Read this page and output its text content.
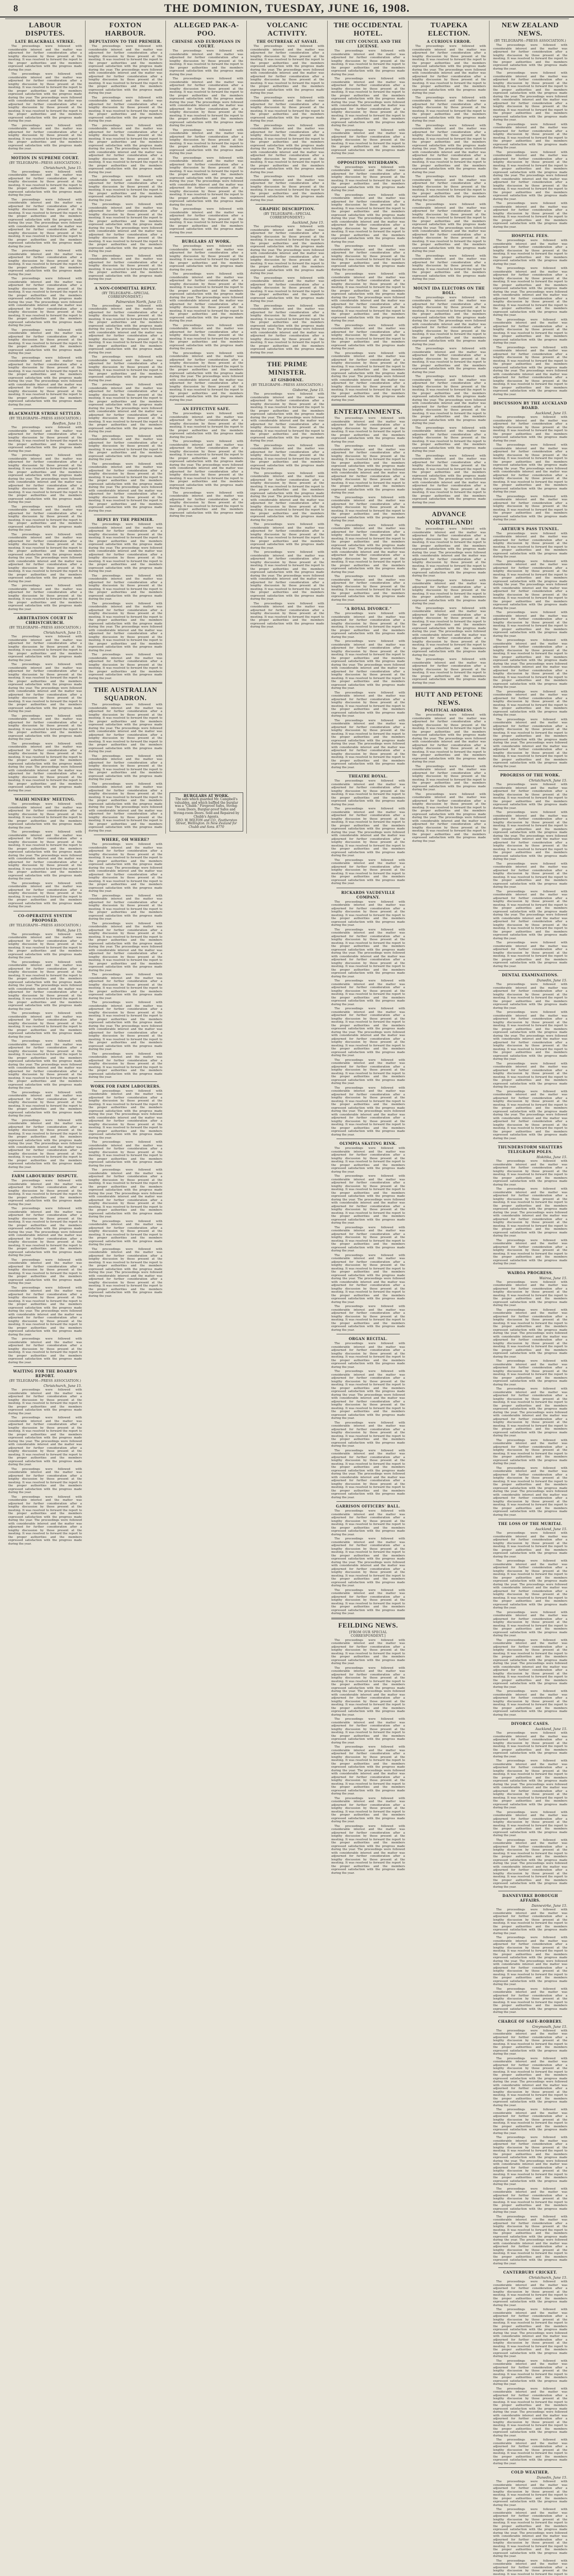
8	THE DOMINION, TUESDAY, JUNE 16, 1908.
LABOUR DISPUTES.
LATE BLACKBALL STRIKE.

The proceedings were followed with considerable interest and the matter was adjourned for further consideration after a lengthy discussion by those present at the meeting. It was resolved to forward the report to the proper authorities and the members expressed satisfaction with the progress made during the year.

The proceedings were followed with considerable interest and the matter was adjourned for further consideration after a lengthy discussion by those present at the meeting. It was resolved to forward the report to the proper authorities and the members expressed satisfaction with the progress made during the year. The proceedings were followed with considerable interest and the matter was adjourned for further consideration after a lengthy discussion by those present at the meeting. It was resolved to forward the report to the proper authorities and the members expressed satisfaction with the progress made during the year.

The proceedings were followed with considerable interest and the matter was adjourned for further consideration after a lengthy discussion by those present at the meeting. It was resolved to forward the report to the proper authorities and the members expressed satisfaction with the progress made during the year.

MOTION IN SUPREME COURT.
(BY TELEGRAPH—PRESS ASSOCIATION.)
Christchurch, June 15.

The proceedings were followed with considerable interest and the matter was adjourned for further consideration after a lengthy discussion by those present at the meeting. It was resolved to forward the report to the proper authorities and the members expressed satisfaction with the progress made during the year.

The proceedings were followed with considerable interest and the matter was adjourned for further consideration after a lengthy discussion by those present at the meeting. It was resolved to forward the report to the proper authorities and the members expressed satisfaction with the progress made during the year. The proceedings were followed with considerable interest and the matter was adjourned for further consideration after a lengthy discussion by those present at the meeting. It was resolved to forward the report to the proper authorities and the members expressed satisfaction with the progress made during the year.

The proceedings were followed with considerable interest and the matter was adjourned for further consideration after a lengthy discussion by those present at the meeting. It was resolved to forward the report to the proper authorities and the members expressed satisfaction with the progress made during the year.

The proceedings were followed with considerable interest and the matter was adjourned for further consideration after a lengthy discussion by those present at the meeting. It was resolved to forward the report to the proper authorities and the members expressed satisfaction with the progress made during the year. The proceedings were followed with considerable interest and the matter was adjourned for further consideration after a lengthy discussion by those present at the meeting. It was resolved to forward the report to the proper authorities and the members expressed satisfaction with the progress made during the year.

The proceedings were followed with considerable interest and the matter was adjourned for further consideration after a lengthy discussion by those present at the meeting. It was resolved to forward the report to the proper authorities and the members expressed satisfaction with the progress made during the year.

The proceedings were followed with considerable interest and the matter was adjourned for further consideration after a lengthy discussion by those present at the meeting. It was resolved to forward the report to the proper authorities and the members expressed satisfaction with the progress made during the year. The proceedings were followed with considerable interest and the matter was adjourned for further consideration after a lengthy discussion by those present at the meeting. It was resolved to forward the report to the proper authorities and the members expressed satisfaction with the progress made during the year.

BLACKWATER STRIKE SETTLED.
(BY TELEGRAPH—PRESS ASSOCIATION.)
Reefton, June 15.

The proceedings were followed with considerable interest and the matter was adjourned for further consideration after a lengthy discussion by those present at the meeting. It was resolved to forward the report to the proper authorities and the members expressed satisfaction with the progress made during the year.

The proceedings were followed with considerable interest and the matter was adjourned for further consideration after a lengthy discussion by those present at the meeting. It was resolved to forward the report to the proper authorities and the members expressed satisfaction with the progress made during the year. The proceedings were followed with considerable interest and the matter was adjourned for further consideration after a lengthy discussion by those present at the meeting. It was resolved to forward the report to the proper authorities and the members expressed satisfaction with the progress made during the year.

The proceedings were followed with considerable interest and the matter was adjourned for further consideration after a lengthy discussion by those present at the meeting. It was resolved to forward the report to the proper authorities and the members expressed satisfaction with the progress made during the year.

The proceedings were followed with considerable interest and the matter was adjourned for further consideration after a lengthy discussion by those present at the meeting. It was resolved to forward the report to the proper authorities and the members expressed satisfaction with the progress made during the year. The proceedings were followed with considerable interest and the matter was adjourned for further consideration after a lengthy discussion by those present at the meeting. It was resolved to forward the report to the proper authorities and the members expressed satisfaction with the progress made during the year.

The proceedings were followed with considerable interest and the matter was adjourned for further consideration after a lengthy discussion by those present at the meeting. It was resolved to forward the report to the proper authorities and the members expressed satisfaction with the progress made during the year.

ARBITRATION COURT IN CHRISTCHURCH.
(BY TELEGRAPH—PRESS ASSOCIATION.)
Christchurch, June 15.

The proceedings were followed with considerable interest and the matter was adjourned for further consideration after a lengthy discussion by those present at the meeting. It was resolved to forward the report to the proper authorities and the members expressed satisfaction with the progress made during the year.

The proceedings were followed with considerable interest and the matter was adjourned for further consideration after a lengthy discussion by those present at the meeting. It was resolved to forward the report to the proper authorities and the members expressed satisfaction with the progress made during the year. The proceedings were followed with considerable interest and the matter was adjourned for further consideration after a lengthy discussion by those present at the meeting. It was resolved to forward the report to the proper authorities and the members expressed satisfaction with the progress made during the year.

The proceedings were followed with considerable interest and the matter was adjourned for further consideration after a lengthy discussion by those present at the meeting. It was resolved to forward the report to the proper authorities and the members expressed satisfaction with the progress made during the year.

The proceedings were followed with considerable interest and the matter was adjourned for further consideration after a lengthy discussion by those present at the meeting. It was resolved to forward the report to the proper authorities and the members expressed satisfaction with the progress made during the year. The proceedings were followed with considerable interest and the matter was adjourned for further consideration after a lengthy discussion by those present at the meeting. It was resolved to forward the report to the proper authorities and the members expressed satisfaction with the progress made during the year.

WAIHI MINERS' MEETING.

The proceedings were followed with considerable interest and the matter was adjourned for further consideration after a lengthy discussion by those present at the meeting. It was resolved to forward the report to the proper authorities and the members expressed satisfaction with the progress made during the year.

The proceedings were followed with considerable interest and the matter was adjourned for further consideration after a lengthy discussion by those present at the meeting. It was resolved to forward the report to the proper authorities and the members expressed satisfaction with the progress made during the year. The proceedings were followed with considerable interest and the matter was adjourned for further consideration after a lengthy discussion by those present at the meeting. It was resolved to forward the report to the proper authorities and the members expressed satisfaction with the progress made during the year.

The proceedings were followed with considerable interest and the matter was adjourned for further consideration after a lengthy discussion by those present at the meeting. It was resolved to forward the report to the proper authorities and the members expressed satisfaction with the progress made during the year.

CO-OPERATIVE SYSTEM PROPOSED.
(BY TELEGRAPH—PRESS ASSOCIATION.)
Waihi, June 15.

The proceedings were followed with considerable interest and the matter was adjourned for further consideration after a lengthy discussion by those present at the meeting. It was resolved to forward the report to the proper authorities and the members expressed satisfaction with the progress made during the year.

The proceedings were followed with considerable interest and the matter was adjourned for further consideration after a lengthy discussion by those present at the meeting. It was resolved to forward the report to the proper authorities and the members expressed satisfaction with the progress made during the year. The proceedings were followed with considerable interest and the matter was adjourned for further consideration after a lengthy discussion by those present at the meeting. It was resolved to forward the report to the proper authorities and the members expressed satisfaction with the progress made during the year.

The proceedings were followed with considerable interest and the matter was adjourned for further consideration after a lengthy discussion by those present at the meeting. It was resolved to forward the report to the proper authorities and the members expressed satisfaction with the progress made during the year.

The proceedings were followed with considerable interest and the matter was adjourned for further consideration after a lengthy discussion by those present at the meeting. It was resolved to forward the report to the proper authorities and the members expressed satisfaction with the progress made during the year. The proceedings were followed with considerable interest and the matter was adjourned for further consideration after a lengthy discussion by those present at the meeting. It was resolved to forward the report to the proper authorities and the members expressed satisfaction with the progress made during the year.

The proceedings were followed with considerable interest and the matter was adjourned for further consideration after a lengthy discussion by those present at the meeting. It was resolved to forward the report to the proper authorities and the members expressed satisfaction with the progress made during the year.

The proceedings were followed with considerable interest and the matter was adjourned for further consideration after a lengthy discussion by those present at the meeting. It was resolved to forward the report to the proper authorities and the members expressed satisfaction with the progress made during the year. The proceedings were followed with considerable interest and the matter was adjourned for further consideration after a lengthy discussion by those present at the meeting. It was resolved to forward the report to the proper authorities and the members expressed satisfaction with the progress made during the year.

FARM LABOURERS' DISPUTE.

The proceedings were followed with considerable interest and the matter was adjourned for further consideration after a lengthy discussion by those present at the meeting. It was resolved to forward the report to the proper authorities and the members expressed satisfaction with the progress made during the year.

The proceedings were followed with considerable interest and the matter was adjourned for further consideration after a lengthy discussion by those present at the meeting. It was resolved to forward the report to the proper authorities and the members expressed satisfaction with the progress made during the year. The proceedings were followed with considerable interest and the matter was adjourned for further consideration after a lengthy discussion by those present at the meeting. It was resolved to forward the report to the proper authorities and the members expressed satisfaction with the progress made during the year.

The proceedings were followed with considerable interest and the matter was adjourned for further consideration after a lengthy discussion by those present at the meeting. It was resolved to forward the report to the proper authorities and the members expressed satisfaction with the progress made during the year.

The proceedings were followed with considerable interest and the matter was adjourned for further consideration after a lengthy discussion by those present at the meeting. It was resolved to forward the report to the proper authorities and the members expressed satisfaction with the progress made during the year. The proceedings were followed with considerable interest and the matter was adjourned for further consideration after a lengthy discussion by those present at the meeting. It was resolved to forward the report to the proper authorities and the members expressed satisfaction with the progress made during the year.

The proceedings were followed with considerable interest and the matter was adjourned for further consideration after a lengthy discussion by those present at the meeting. It was resolved to forward the report to the proper authorities and the members expressed satisfaction with the progress made during the year.

WAITING FOR THE BOARD'S REPORT.
(BY TELEGRAPH—PRESS ASSOCIATION.)
Christchurch, June 15.

The proceedings were followed with considerable interest and the matter was adjourned for further consideration after a lengthy discussion by those present at the meeting. It was resolved to forward the report to the proper authorities and the members expressed satisfaction with the progress made during the year.

The proceedings were followed with considerable interest and the matter was adjourned for further consideration after a lengthy discussion by those present at the meeting. It was resolved to forward the report to the proper authorities and the members expressed satisfaction with the progress made during the year. The proceedings were followed with considerable interest and the matter was adjourned for further consideration after a lengthy discussion by those present at the meeting. It was resolved to forward the report to the proper authorities and the members expressed satisfaction with the progress made during the year.

The proceedings were followed with considerable interest and the matter was adjourned for further consideration after a lengthy discussion by those present at the meeting. It was resolved to forward the report to the proper authorities and the members expressed satisfaction with the progress made during the year.

The proceedings were followed with considerable interest and the matter was adjourned for further consideration after a lengthy discussion by those present at the meeting. It was resolved to forward the report to the proper authorities and the members expressed satisfaction with the progress made during the year. The proceedings were followed with considerable interest and the matter was adjourned for further consideration after a lengthy discussion by those present at the meeting. It was resolved to forward the report to the proper authorities and the members expressed satisfaction with the progress made during the year.

FOXTON HARBOUR.
DEPUTATION TO THE PREMIER.

The proceedings were followed with considerable interest and the matter was adjourned for further consideration after a lengthy discussion by those present at the meeting. It was resolved to forward the report to the proper authorities and the members expressed satisfaction with the progress made during the year. The proceedings were followed with considerable interest and the matter was adjourned for further consideration after a lengthy discussion by those present at the meeting. It was resolved to forward the report to the proper authorities and the members expressed satisfaction with the progress made during the year.

The proceedings were followed with considerable interest and the matter was adjourned for further consideration after a lengthy discussion by those present at the meeting. It was resolved to forward the report to the proper authorities and the members expressed satisfaction with the progress made during the year.

The proceedings were followed with considerable interest and the matter was adjourned for further consideration after a lengthy discussion by those present at the meeting. It was resolved to forward the report to the proper authorities and the members expressed satisfaction with the progress made during the year. The proceedings were followed with considerable interest and the matter was adjourned for further consideration after a lengthy discussion by those present at the meeting. It was resolved to forward the report to the proper authorities and the members expressed satisfaction with the progress made during the year.

The proceedings were followed with considerable interest and the matter was adjourned for further consideration after a lengthy discussion by those present at the meeting. It was resolved to forward the report to the proper authorities and the members expressed satisfaction with the progress made during the year.

The proceedings were followed with considerable interest and the matter was adjourned for further consideration after a lengthy discussion by those present at the meeting. It was resolved to forward the report to the proper authorities and the members expressed satisfaction with the progress made during the year. The proceedings were followed with considerable interest and the matter was adjourned for further consideration after a lengthy discussion by those present at the meeting. It was resolved to forward the report to the proper authorities and the members expressed satisfaction with the progress made during the year.

The proceedings were followed with considerable interest and the matter was adjourned for further consideration after a lengthy discussion by those present at the meeting. It was resolved to forward the report to the proper authorities and the members expressed satisfaction with the progress made during the year.

A NON-COMMITTAL REPLY.
(BY TELEGRAPH—SPECIAL CORRESPONDENT.)
Palmerston North, June 15.

The proceedings were followed with considerable interest and the matter was adjourned for further consideration after a lengthy discussion by those present at the meeting. It was resolved to forward the report to the proper authorities and the members expressed satisfaction with the progress made during the year. The proceedings were followed with considerable interest and the matter was adjourned for further consideration after a lengthy discussion by those present at the meeting. It was resolved to forward the report to the proper authorities and the members expressed satisfaction with the progress made during the year.

The proceedings were followed with considerable interest and the matter was adjourned for further consideration after a lengthy discussion by those present at the meeting. It was resolved to forward the report to the proper authorities and the members expressed satisfaction with the progress made during the year.

The proceedings were followed with considerable interest and the matter was adjourned for further consideration after a lengthy discussion by those present at the meeting. It was resolved to forward the report to the proper authorities and the members expressed satisfaction with the progress made during the year. The proceedings were followed with considerable interest and the matter was adjourned for further consideration after a lengthy discussion by those present at the meeting. It was resolved to forward the report to the proper authorities and the members expressed satisfaction with the progress made during the year.

The proceedings were followed with considerable interest and the matter was adjourned for further consideration after a lengthy discussion by those present at the meeting. It was resolved to forward the report to the proper authorities and the members expressed satisfaction with the progress made during the year.

The proceedings were followed with considerable interest and the matter was adjourned for further consideration after a lengthy discussion by those present at the meeting. It was resolved to forward the report to the proper authorities and the members expressed satisfaction with the progress made during the year. The proceedings were followed with considerable interest and the matter was adjourned for further consideration after a lengthy discussion by those present at the meeting. It was resolved to forward the report to the proper authorities and the members expressed satisfaction with the progress made during the year.

REPLY BY THE PREMIER.

The proceedings were followed with considerable interest and the matter was adjourned for further consideration after a lengthy discussion by those present at the meeting. It was resolved to forward the report to the proper authorities and the members expressed satisfaction with the progress made during the year. The proceedings were followed with considerable interest and the matter was adjourned for further consideration after a lengthy discussion by those present at the meeting. It was resolved to forward the report to the proper authorities and the members expressed satisfaction with the progress made during the year.

The proceedings were followed with considerable interest and the matter was adjourned for further consideration after a lengthy discussion by those present at the meeting. It was resolved to forward the report to the proper authorities and the members expressed satisfaction with the progress made during the year.

The proceedings were followed with considerable interest and the matter was adjourned for further consideration after a lengthy discussion by those present at the meeting. It was resolved to forward the report to the proper authorities and the members expressed satisfaction with the progress made during the year. The proceedings were followed with considerable interest and the matter was adjourned for further consideration after a lengthy discussion by those present at the meeting. It was resolved to forward the report to the proper authorities and the members expressed satisfaction with the progress made during the year.

The proceedings were followed with considerable interest and the matter was adjourned for further consideration after a lengthy discussion by those present at the meeting. It was resolved to forward the report to the proper authorities and the members expressed satisfaction with the progress made during the year.

THE AUSTRALIAN SQUADRON.

The proceedings were followed with considerable interest and the matter was adjourned for further consideration after a lengthy discussion by those present at the meeting. It was resolved to forward the report to the proper authorities and the members expressed satisfaction with the progress made during the year. The proceedings were followed with considerable interest and the matter was adjourned for further consideration after a lengthy discussion by those present at the meeting. It was resolved to forward the report to the proper authorities and the members expressed satisfaction with the progress made during the year.

The proceedings were followed with considerable interest and the matter was adjourned for further consideration after a lengthy discussion by those present at the meeting. It was resolved to forward the report to the proper authorities and the members expressed satisfaction with the progress made during the year.

The proceedings were followed with considerable interest and the matter was adjourned for further consideration after a lengthy discussion by those present at the meeting. It was resolved to forward the report to the proper authorities and the members expressed satisfaction with the progress made during the year. The proceedings were followed with considerable interest and the matter was adjourned for further consideration after a lengthy discussion by those present at the meeting. It was resolved to forward the report to the proper authorities and the members expressed satisfaction with the progress made during the year.

WHERE, OH WHERE?

The proceedings were followed with considerable interest and the matter was adjourned for further consideration after a lengthy discussion by those present at the meeting. It was resolved to forward the report to the proper authorities and the members expressed satisfaction with the progress made during the year. The proceedings were followed with considerable interest and the matter was adjourned for further consideration after a lengthy discussion by those present at the meeting. It was resolved to forward the report to the proper authorities and the members expressed satisfaction with the progress made during the year.

The proceedings were followed with considerable interest and the matter was adjourned for further consideration after a lengthy discussion by those present at the meeting. It was resolved to forward the report to the proper authorities and the members expressed satisfaction with the progress made during the year.

The proceedings were followed with considerable interest and the matter was adjourned for further consideration after a lengthy discussion by those present at the meeting. It was resolved to forward the report to the proper authorities and the members expressed satisfaction with the progress made during the year. The proceedings were followed with considerable interest and the matter was adjourned for further consideration after a lengthy discussion by those present at the meeting. It was resolved to forward the report to the proper authorities and the members expressed satisfaction with the progress made during the year.

The proceedings were followed with considerable interest and the matter was adjourned for further consideration after a lengthy discussion by those present at the meeting. It was resolved to forward the report to the proper authorities and the members expressed satisfaction with the progress made during the year.

The proceedings were followed with considerable interest and the matter was adjourned for further consideration after a lengthy discussion by those present at the meeting. It was resolved to forward the report to the proper authorities and the members expressed satisfaction with the progress made during the year. The proceedings were followed with considerable interest and the matter was adjourned for further consideration after a lengthy discussion by those present at the meeting. It was resolved to forward the report to the proper authorities and the members expressed satisfaction with the progress made during the year.

The proceedings were followed with considerable interest and the matter was adjourned for further consideration after a lengthy discussion by those present at the meeting. It was resolved to forward the report to the proper authorities and the members expressed satisfaction with the progress made during the year.

WORK FOR FARM LABOURERS.

The proceedings were followed with considerable interest and the matter was adjourned for further consideration after a lengthy discussion by those present at the meeting. It was resolved to forward the report to the proper authorities and the members expressed satisfaction with the progress made during the year. The proceedings were followed with considerable interest and the matter was adjourned for further consideration after a lengthy discussion by those present at the meeting. It was resolved to forward the report to the proper authorities and the members expressed satisfaction with the progress made during the year.

The proceedings were followed with considerable interest and the matter was adjourned for further consideration after a lengthy discussion by those present at the meeting. It was resolved to forward the report to the proper authorities and the members expressed satisfaction with the progress made during the year.

The proceedings were followed with considerable interest and the matter was adjourned for further consideration after a lengthy discussion by those present at the meeting. It was resolved to forward the report to the proper authorities and the members expressed satisfaction with the progress made during the year. The proceedings were followed with considerable interest and the matter was adjourned for further consideration after a lengthy discussion by those present at the meeting. It was resolved to forward the report to the proper authorities and the members expressed satisfaction with the progress made during the year.

The proceedings were followed with considerable interest and the matter was adjourned for further consideration after a lengthy discussion by those present at the meeting. It was resolved to forward the report to the proper authorities and the members expressed satisfaction with the progress made during the year.

The proceedings were followed with considerable interest and the matter was adjourned for further consideration after a lengthy discussion by those present at the meeting. It was resolved to forward the report to the proper authorities and the members expressed satisfaction with the progress made during the year. The proceedings were followed with considerable interest and the matter was adjourned for further consideration after a lengthy discussion by those present at the meeting. It was resolved to forward the report to the proper authorities and the members expressed satisfaction with the progress made during the year.

ALLEGED PAK-A-POO.
CHINESE AND EUROPEANS IN COURT.

The proceedings were followed with considerable interest and the matter was adjourned for further consideration after a lengthy discussion by those present at the meeting. It was resolved to forward the report to the proper authorities and the members expressed satisfaction with the progress made during the year.

The proceedings were followed with considerable interest and the matter was adjourned for further consideration after a lengthy discussion by those present at the meeting. It was resolved to forward the report to the proper authorities and the members expressed satisfaction with the progress made during the year. The proceedings were followed with considerable interest and the matter was adjourned for further consideration after a lengthy discussion by those present at the meeting. It was resolved to forward the report to the proper authorities and the members expressed satisfaction with the progress made during the year.

The proceedings were followed with considerable interest and the matter was adjourned for further consideration after a lengthy discussion by those present at the meeting. It was resolved to forward the report to the proper authorities and the members expressed satisfaction with the progress made during the year.

The proceedings were followed with considerable interest and the matter was adjourned for further consideration after a lengthy discussion by those present at the meeting. It was resolved to forward the report to the proper authorities and the members expressed satisfaction with the progress made during the year. The proceedings were followed with considerable interest and the matter was adjourned for further consideration after a lengthy discussion by those present at the meeting. It was resolved to forward the report to the proper authorities and the members expressed satisfaction with the progress made during the year.

The proceedings were followed with considerable interest and the matter was adjourned for further consideration after a lengthy discussion by those present at the meeting. It was resolved to forward the report to the proper authorities and the members expressed satisfaction with the progress made during the year.

BURGLARS AT WORK.

The proceedings were followed with considerable interest and the matter was adjourned for further consideration after a lengthy discussion by those present at the meeting. It was resolved to forward the report to the proper authorities and the members expressed satisfaction with the progress made during the year.

The proceedings were followed with considerable interest and the matter was adjourned for further consideration after a lengthy discussion by those present at the meeting. It was resolved to forward the report to the proper authorities and the members expressed satisfaction with the progress made during the year. The proceedings were followed with considerable interest and the matter was adjourned for further consideration after a lengthy discussion by those present at the meeting. It was resolved to forward the report to the proper authorities and the members expressed satisfaction with the progress made during the year.

The proceedings were followed with considerable interest and the matter was adjourned for further consideration after a lengthy discussion by those present at the meeting. It was resolved to forward the report to the proper authorities and the members expressed satisfaction with the progress made during the year.

The proceedings were followed with considerable interest and the matter was adjourned for further consideration after a lengthy discussion by those present at the meeting. It was resolved to forward the report to the proper authorities and the members expressed satisfaction with the progress made during the year. The proceedings were followed with considerable interest and the matter was adjourned for further consideration after a lengthy discussion by those present at the meeting. It was resolved to forward the report to the proper authorities and the members expressed satisfaction with the progress made during the year.

AN EFFECTIVE SAFE.

The proceedings were followed with considerable interest and the matter was adjourned for further consideration after a lengthy discussion by those present at the meeting. It was resolved to forward the report to the proper authorities and the members expressed satisfaction with the progress made during the year.

The proceedings were followed with considerable interest and the matter was adjourned for further consideration after a lengthy discussion by those present at the meeting. It was resolved to forward the report to the proper authorities and the members expressed satisfaction with the progress made during the year. The proceedings were followed with considerable interest and the matter was adjourned for further consideration after a lengthy discussion by those present at the meeting. It was resolved to forward the report to the proper authorities and the members expressed satisfaction with the progress made during the year.

The proceedings were followed with considerable interest and the matter was adjourned for further consideration after a lengthy discussion by those present at the meeting. It was resolved to forward the report to the proper authorities and the members expressed satisfaction with the progress made during the year.

BURGLARS AT WORK.
The safe which guarded Mr. Campbell's valuables, and which baffled the burglar was a "Chubb." Fireproof Safes, Strong-room Doors, Burglar-proof Safes and Strong-room Doors. Sold and Repaired by Chubb's Agents.
GEO. W. WILTON and CO., Featherston Street, Wellington. In New Zealand for Chubb and Sons. 8770
VOLCANIC ACTIVITY.
THE OUTBREAK AT SAVAII.

The proceedings were followed with considerable interest and the matter was adjourned for further consideration after a lengthy discussion by those present at the meeting. It was resolved to forward the report to the proper authorities and the members expressed satisfaction with the progress made during the year. The proceedings were followed with considerable interest and the matter was adjourned for further consideration after a lengthy discussion by those present at the meeting. It was resolved to forward the report to the proper authorities and the members expressed satisfaction with the progress made during the year.

The proceedings were followed with considerable interest and the matter was adjourned for further consideration after a lengthy discussion by those present at the meeting. It was resolved to forward the report to the proper authorities and the members expressed satisfaction with the progress made during the year.

The proceedings were followed with considerable interest and the matter was adjourned for further consideration after a lengthy discussion by those present at the meeting. It was resolved to forward the report to the proper authorities and the members expressed satisfaction with the progress made during the year. The proceedings were followed with considerable interest and the matter was adjourned for further consideration after a lengthy discussion by those present at the meeting. It was resolved to forward the report to the proper authorities and the members expressed satisfaction with the progress made during the year.

The proceedings were followed with considerable interest and the matter was adjourned for further consideration after a lengthy discussion by those present at the meeting. It was resolved to forward the report to the proper authorities and the members expressed satisfaction with the progress made during the year.

GRAPHIC DESCRIPTION.
(BY TELEGRAPH—SPECIAL CORRESPONDENT.)
Auckland, June 15.

The proceedings were followed with considerable interest and the matter was adjourned for further consideration after a lengthy discussion by those present at the meeting. It was resolved to forward the report to the proper authorities and the members expressed satisfaction with the progress made during the year. The proceedings were followed with considerable interest and the matter was adjourned for further consideration after a lengthy discussion by those present at the meeting. It was resolved to forward the report to the proper authorities and the members expressed satisfaction with the progress made during the year.

The proceedings were followed with considerable interest and the matter was adjourned for further consideration after a lengthy discussion by those present at the meeting. It was resolved to forward the report to the proper authorities and the members expressed satisfaction with the progress made during the year.

The proceedings were followed with considerable interest and the matter was adjourned for further consideration after a lengthy discussion by those present at the meeting. It was resolved to forward the report to the proper authorities and the members expressed satisfaction with the progress made during the year. The proceedings were followed with considerable interest and the matter was adjourned for further consideration after a lengthy discussion by those present at the meeting. It was resolved to forward the report to the proper authorities and the members expressed satisfaction with the progress made during the year.

THE PRIME MINISTER.
AT GISBORNE.
(BY TELEGRAPH—PRESS ASSOCIATION.)
Gisborne, June 15.

The proceedings were followed with considerable interest and the matter was adjourned for further consideration after a lengthy discussion by those present at the meeting. It was resolved to forward the report to the proper authorities and the members expressed satisfaction with the progress made during the year. The proceedings were followed with considerable interest and the matter was adjourned for further consideration after a lengthy discussion by those present at the meeting. It was resolved to forward the report to the proper authorities and the members expressed satisfaction with the progress made during the year.

The proceedings were followed with considerable interest and the matter was adjourned for further consideration after a lengthy discussion by those present at the meeting. It was resolved to forward the report to the proper authorities and the members expressed satisfaction with the progress made during the year.

The proceedings were followed with considerable interest and the matter was adjourned for further consideration after a lengthy discussion by those present at the meeting. It was resolved to forward the report to the proper authorities and the members expressed satisfaction with the progress made during the year. The proceedings were followed with considerable interest and the matter was adjourned for further consideration after a lengthy discussion by those present at the meeting. It was resolved to forward the report to the proper authorities and the members expressed satisfaction with the progress made during the year.

The proceedings were followed with considerable interest and the matter was adjourned for further consideration after a lengthy discussion by those present at the meeting. It was resolved to forward the report to the proper authorities and the members expressed satisfaction with the progress made during the year.

The proceedings were followed with considerable interest and the matter was adjourned for further consideration after a lengthy discussion by those present at the meeting. It was resolved to forward the report to the proper authorities and the members expressed satisfaction with the progress made during the year. The proceedings were followed with considerable interest and the matter was adjourned for further consideration after a lengthy discussion by those present at the meeting. It was resolved to forward the report to the proper authorities and the members expressed satisfaction with the progress made during the year.

The proceedings were followed with considerable interest and the matter was adjourned for further consideration after a lengthy discussion by those present at the meeting. It was resolved to forward the report to the proper authorities and the members expressed satisfaction with the progress made during the year.

THE OCCIDENTAL HOTEL.
THE CITY COUNCIL AND THE LICENSE.

The proceedings were followed with considerable interest and the matter was adjourned for further consideration after a lengthy discussion by those present at the meeting. It was resolved to forward the report to the proper authorities and the members expressed satisfaction with the progress made during the year.

The proceedings were followed with considerable interest and the matter was adjourned for further consideration after a lengthy discussion by those present at the meeting. It was resolved to forward the report to the proper authorities and the members expressed satisfaction with the progress made during the year. The proceedings were followed with considerable interest and the matter was adjourned for further consideration after a lengthy discussion by those present at the meeting. It was resolved to forward the report to the proper authorities and the members expressed satisfaction with the progress made during the year.

The proceedings were followed with considerable interest and the matter was adjourned for further consideration after a lengthy discussion by those present at the meeting. It was resolved to forward the report to the proper authorities and the members expressed satisfaction with the progress made during the year.

OPPOSITION WITHDRAWN.

The proceedings were followed with considerable interest and the matter was adjourned for further consideration after a lengthy discussion by those present at the meeting. It was resolved to forward the report to the proper authorities and the members expressed satisfaction with the progress made during the year.

The proceedings were followed with considerable interest and the matter was adjourned for further consideration after a lengthy discussion by those present at the meeting. It was resolved to forward the report to the proper authorities and the members expressed satisfaction with the progress made during the year. The proceedings were followed with considerable interest and the matter was adjourned for further consideration after a lengthy discussion by those present at the meeting. It was resolved to forward the report to the proper authorities and the members expressed satisfaction with the progress made during the year.

The proceedings were followed with considerable interest and the matter was adjourned for further consideration after a lengthy discussion by those present at the meeting. It was resolved to forward the report to the proper authorities and the members expressed satisfaction with the progress made during the year.

The proceedings were followed with considerable interest and the matter was adjourned for further consideration after a lengthy discussion by those present at the meeting. It was resolved to forward the report to the proper authorities and the members expressed satisfaction with the progress made during the year. The proceedings were followed with considerable interest and the matter was adjourned for further consideration after a lengthy discussion by those present at the meeting. It was resolved to forward the report to the proper authorities and the members expressed satisfaction with the progress made during the year.

The proceedings were followed with considerable interest and the matter was adjourned for further consideration after a lengthy discussion by those present at the meeting. It was resolved to forward the report to the proper authorities and the members expressed satisfaction with the progress made during the year.

The proceedings were followed with considerable interest and the matter was adjourned for further consideration after a lengthy discussion by those present at the meeting. It was resolved to forward the report to the proper authorities and the members expressed satisfaction with the progress made during the year. The proceedings were followed with considerable interest and the matter was adjourned for further consideration after a lengthy discussion by those present at the meeting. It was resolved to forward the report to the proper authorities and the members expressed satisfaction with the progress made during the year.

ENTERTAINMENTS.

The proceedings were followed with considerable interest and the matter was adjourned for further consideration after a lengthy discussion by those present at the meeting. It was resolved to forward the report to the proper authorities and the members expressed satisfaction with the progress made during the year.

The proceedings were followed with considerable interest and the matter was adjourned for further consideration after a lengthy discussion by those present at the meeting. It was resolved to forward the report to the proper authorities and the members expressed satisfaction with the progress made during the year. The proceedings were followed with considerable interest and the matter was adjourned for further consideration after a lengthy discussion by those present at the meeting. It was resolved to forward the report to the proper authorities and the members expressed satisfaction with the progress made during the year.

The proceedings were followed with considerable interest and the matter was adjourned for further consideration after a lengthy discussion by those present at the meeting. It was resolved to forward the report to the proper authorities and the members expressed satisfaction with the progress made during the year.

The proceedings were followed with considerable interest and the matter was adjourned for further consideration after a lengthy discussion by those present at the meeting. It was resolved to forward the report to the proper authorities and the members expressed satisfaction with the progress made during the year. The proceedings were followed with considerable interest and the matter was adjourned for further consideration after a lengthy discussion by those present at the meeting. It was resolved to forward the report to the proper authorities and the members expressed satisfaction with the progress made during the year.

The proceedings were followed with considerable interest and the matter was adjourned for further consideration after a lengthy discussion by those present at the meeting. It was resolved to forward the report to the proper authorities and the members expressed satisfaction with the progress made during the year.

"A ROYAL DIVORCE."

The proceedings were followed with considerable interest and the matter was adjourned for further consideration after a lengthy discussion by those present at the meeting. It was resolved to forward the report to the proper authorities and the members expressed satisfaction with the progress made during the year.

The proceedings were followed with considerable interest and the matter was adjourned for further consideration after a lengthy discussion by those present at the meeting. It was resolved to forward the report to the proper authorities and the members expressed satisfaction with the progress made during the year. The proceedings were followed with considerable interest and the matter was adjourned for further consideration after a lengthy discussion by those present at the meeting. It was resolved to forward the report to the proper authorities and the members expressed satisfaction with the progress made during the year.

The proceedings were followed with considerable interest and the matter was adjourned for further consideration after a lengthy discussion by those present at the meeting. It was resolved to forward the report to the proper authorities and the members expressed satisfaction with the progress made during the year.

The proceedings were followed with considerable interest and the matter was adjourned for further consideration after a lengthy discussion by those present at the meeting. It was resolved to forward the report to the proper authorities and the members expressed satisfaction with the progress made during the year. The proceedings were followed with considerable interest and the matter was adjourned for further consideration after a lengthy discussion by those present at the meeting. It was resolved to forward the report to the proper authorities and the members expressed satisfaction with the progress made during the year.

THEATRE ROYAL.

The proceedings were followed with considerable interest and the matter was adjourned for further consideration after a lengthy discussion by those present at the meeting. It was resolved to forward the report to the proper authorities and the members expressed satisfaction with the progress made during the year.

The proceedings were followed with considerable interest and the matter was adjourned for further consideration after a lengthy discussion by those present at the meeting. It was resolved to forward the report to the proper authorities and the members expressed satisfaction with the progress made during the year. The proceedings were followed with considerable interest and the matter was adjourned for further consideration after a lengthy discussion by those present at the meeting. It was resolved to forward the report to the proper authorities and the members expressed satisfaction with the progress made during the year.

The proceedings were followed with considerable interest and the matter was adjourned for further consideration after a lengthy discussion by those present at the meeting. It was resolved to forward the report to the proper authorities and the members expressed satisfaction with the progress made during the year.

RICKARDS VAUDEVILLE COMPANY.

The proceedings were followed with considerable interest and the matter was adjourned for further consideration after a lengthy discussion by those present at the meeting. It was resolved to forward the report to the proper authorities and the members expressed satisfaction with the progress made during the year.

The proceedings were followed with considerable interest and the matter was adjourned for further consideration after a lengthy discussion by those present at the meeting. It was resolved to forward the report to the proper authorities and the members expressed satisfaction with the progress made during the year. The proceedings were followed with considerable interest and the matter was adjourned for further consideration after a lengthy discussion by those present at the meeting. It was resolved to forward the report to the proper authorities and the members expressed satisfaction with the progress made during the year.

The proceedings were followed with considerable interest and the matter was adjourned for further consideration after a lengthy discussion by those present at the meeting. It was resolved to forward the report to the proper authorities and the members expressed satisfaction with the progress made during the year.

The proceedings were followed with considerable interest and the matter was adjourned for further consideration after a lengthy discussion by those present at the meeting. It was resolved to forward the report to the proper authorities and the members expressed satisfaction with the progress made during the year. The proceedings were followed with considerable interest and the matter was adjourned for further consideration after a lengthy discussion by those present at the meeting. It was resolved to forward the report to the proper authorities and the members expressed satisfaction with the progress made during the year.

The proceedings were followed with considerable interest and the matter was adjourned for further consideration after a lengthy discussion by those present at the meeting. It was resolved to forward the report to the proper authorities and the members expressed satisfaction with the progress made during the year.

The proceedings were followed with considerable interest and the matter was adjourned for further consideration after a lengthy discussion by those present at the meeting. It was resolved to forward the report to the proper authorities and the members expressed satisfaction with the progress made during the year. The proceedings were followed with considerable interest and the matter was adjourned for further consideration after a lengthy discussion by those present at the meeting. It was resolved to forward the report to the proper authorities and the members expressed satisfaction with the progress made during the year.

OLYMPIA SKATING RINK.

The proceedings were followed with considerable interest and the matter was adjourned for further consideration after a lengthy discussion by those present at the meeting. It was resolved to forward the report to the proper authorities and the members expressed satisfaction with the progress made during the year.

The proceedings were followed with considerable interest and the matter was adjourned for further consideration after a lengthy discussion by those present at the meeting. It was resolved to forward the report to the proper authorities and the members expressed satisfaction with the progress made during the year. The proceedings were followed with considerable interest and the matter was adjourned for further consideration after a lengthy discussion by those present at the meeting. It was resolved to forward the report to the proper authorities and the members expressed satisfaction with the progress made during the year.

The proceedings were followed with considerable interest and the matter was adjourned for further consideration after a lengthy discussion by those present at the meeting. It was resolved to forward the report to the proper authorities and the members expressed satisfaction with the progress made during the year.

The proceedings were followed with considerable interest and the matter was adjourned for further consideration after a lengthy discussion by those present at the meeting. It was resolved to forward the report to the proper authorities and the members expressed satisfaction with the progress made during the year. The proceedings were followed with considerable interest and the matter was adjourned for further consideration after a lengthy discussion by those present at the meeting. It was resolved to forward the report to the proper authorities and the members expressed satisfaction with the progress made during the year.

The proceedings were followed with considerable interest and the matter was adjourned for further consideration after a lengthy discussion by those present at the meeting. It was resolved to forward the report to the proper authorities and the members expressed satisfaction with the progress made during the year.

ORGAN RECITAL.

The proceedings were followed with considerable interest and the matter was adjourned for further consideration after a lengthy discussion by those present at the meeting. It was resolved to forward the report to the proper authorities and the members expressed satisfaction with the progress made during the year.

The proceedings were followed with considerable interest and the matter was adjourned for further consideration after a lengthy discussion by those present at the meeting. It was resolved to forward the report to the proper authorities and the members expressed satisfaction with the progress made during the year. The proceedings were followed with considerable interest and the matter was adjourned for further consideration after a lengthy discussion by those present at the meeting. It was resolved to forward the report to the proper authorities and the members expressed satisfaction with the progress made during the year.

The proceedings were followed with considerable interest and the matter was adjourned for further consideration after a lengthy discussion by those present at the meeting. It was resolved to forward the report to the proper authorities and the members expressed satisfaction with the progress made during the year.

The proceedings were followed with considerable interest and the matter was adjourned for further consideration after a lengthy discussion by those present at the meeting. It was resolved to forward the report to the proper authorities and the members expressed satisfaction with the progress made during the year. The proceedings were followed with considerable interest and the matter was adjourned for further consideration after a lengthy discussion by those present at the meeting. It was resolved to forward the report to the proper authorities and the members expressed satisfaction with the progress made during the year.

GARRISON OFFICERS' BALL.

The proceedings were followed with considerable interest and the matter was adjourned for further consideration after a lengthy discussion by those present at the meeting. It was resolved to forward the report to the proper authorities and the members expressed satisfaction with the progress made during the year.

The proceedings were followed with considerable interest and the matter was adjourned for further consideration after a lengthy discussion by those present at the meeting. It was resolved to forward the report to the proper authorities and the members expressed satisfaction with the progress made during the year. The proceedings were followed with considerable interest and the matter was adjourned for further consideration after a lengthy discussion by those present at the meeting. It was resolved to forward the report to the proper authorities and the members expressed satisfaction with the progress made during the year.

The proceedings were followed with considerable interest and the matter was adjourned for further consideration after a lengthy discussion by those present at the meeting. It was resolved to forward the report to the proper authorities and the members expressed satisfaction with the progress made during the year.

FEILDING NEWS.
[FROM OUR SPECIAL CORRESPONDENT.]

The proceedings were followed with considerable interest and the matter was adjourned for further consideration after a lengthy discussion by those present at the meeting. It was resolved to forward the report to the proper authorities and the members expressed satisfaction with the progress made during the year.

The proceedings were followed with considerable interest and the matter was adjourned for further consideration after a lengthy discussion by those present at the meeting. It was resolved to forward the report to the proper authorities and the members expressed satisfaction with the progress made during the year. The proceedings were followed with considerable interest and the matter was adjourned for further consideration after a lengthy discussion by those present at the meeting. It was resolved to forward the report to the proper authorities and the members expressed satisfaction with the progress made during the year.

The proceedings were followed with considerable interest and the matter was adjourned for further consideration after a lengthy discussion by those present at the meeting. It was resolved to forward the report to the proper authorities and the members expressed satisfaction with the progress made during the year.

The proceedings were followed with considerable interest and the matter was adjourned for further consideration after a lengthy discussion by those present at the meeting. It was resolved to forward the report to the proper authorities and the members expressed satisfaction with the progress made during the year. The proceedings were followed with considerable interest and the matter was adjourned for further consideration after a lengthy discussion by those present at the meeting. It was resolved to forward the report to the proper authorities and the members expressed satisfaction with the progress made during the year.

The proceedings were followed with considerable interest and the matter was adjourned for further consideration after a lengthy discussion by those present at the meeting. It was resolved to forward the report to the proper authorities and the members expressed satisfaction with the progress made during the year.

The proceedings were followed with considerable interest and the matter was adjourned for further consideration after a lengthy discussion by those present at the meeting. It was resolved to forward the report to the proper authorities and the members expressed satisfaction with the progress made during the year. The proceedings were followed with considerable interest and the matter was adjourned for further consideration after a lengthy discussion by those present at the meeting. It was resolved to forward the report to the proper authorities and the members expressed satisfaction with the progress made during the year.

TUAPEKA ELECTION.
A CURIOUS ERROR.

The proceedings were followed with considerable interest and the matter was adjourned for further consideration after a lengthy discussion by those present at the meeting. It was resolved to forward the report to the proper authorities and the members expressed satisfaction with the progress made during the year. The proceedings were followed with considerable interest and the matter was adjourned for further consideration after a lengthy discussion by those present at the meeting. It was resolved to forward the report to the proper authorities and the members expressed satisfaction with the progress made during the year.

The proceedings were followed with considerable interest and the matter was adjourned for further consideration after a lengthy discussion by those present at the meeting. It was resolved to forward the report to the proper authorities and the members expressed satisfaction with the progress made during the year.

The proceedings were followed with considerable interest and the matter was adjourned for further consideration after a lengthy discussion by those present at the meeting. It was resolved to forward the report to the proper authorities and the members expressed satisfaction with the progress made during the year. The proceedings were followed with considerable interest and the matter was adjourned for further consideration after a lengthy discussion by those present at the meeting. It was resolved to forward the report to the proper authorities and the members expressed satisfaction with the progress made during the year.

The proceedings were followed with considerable interest and the matter was adjourned for further consideration after a lengthy discussion by those present at the meeting. It was resolved to forward the report to the proper authorities and the members expressed satisfaction with the progress made during the year.

The proceedings were followed with considerable interest and the matter was adjourned for further consideration after a lengthy discussion by those present at the meeting. It was resolved to forward the report to the proper authorities and the members expressed satisfaction with the progress made during the year. The proceedings were followed with considerable interest and the matter was adjourned for further consideration after a lengthy discussion by those present at the meeting. It was resolved to forward the report to the proper authorities and the members expressed satisfaction with the progress made during the year.

The proceedings were followed with considerable interest and the matter was adjourned for further consideration after a lengthy discussion by those present at the meeting. It was resolved to forward the report to the proper authorities and the members expressed satisfaction with the progress made during the year.

MOUNT IDA ELECTORS ON THE ROLL.

The proceedings were followed with considerable interest and the matter was adjourned for further consideration after a lengthy discussion by those present at the meeting. It was resolved to forward the report to the proper authorities and the members expressed satisfaction with the progress made during the year. The proceedings were followed with considerable interest and the matter was adjourned for further consideration after a lengthy discussion by those present at the meeting. It was resolved to forward the report to the proper authorities and the members expressed satisfaction with the progress made during the year.

The proceedings were followed with considerable interest and the matter was adjourned for further consideration after a lengthy discussion by those present at the meeting. It was resolved to forward the report to the proper authorities and the members expressed satisfaction with the progress made during the year.

The proceedings were followed with considerable interest and the matter was adjourned for further consideration after a lengthy discussion by those present at the meeting. It was resolved to forward the report to the proper authorities and the members expressed satisfaction with the progress made during the year. The proceedings were followed with considerable interest and the matter was adjourned for further consideration after a lengthy discussion by those present at the meeting. It was resolved to forward the report to the proper authorities and the members expressed satisfaction with the progress made during the year.

The proceedings were followed with considerable interest and the matter was adjourned for further consideration after a lengthy discussion by those present at the meeting. It was resolved to forward the report to the proper authorities and the members expressed satisfaction with the progress made during the year.

The proceedings were followed with considerable interest and the matter was adjourned for further consideration after a lengthy discussion by those present at the meeting. It was resolved to forward the report to the proper authorities and the members expressed satisfaction with the progress made during the year. The proceedings were followed with considerable interest and the matter was adjourned for further consideration after a lengthy discussion by those present at the meeting. It was resolved to forward the report to the proper authorities and the members expressed satisfaction with the progress made during the year.

ADVANCE NORTHLAND!

The proceedings were followed with considerable interest and the matter was adjourned for further consideration after a lengthy discussion by those present at the meeting. It was resolved to forward the report to the proper authorities and the members expressed satisfaction with the progress made during the year. The proceedings were followed with considerable interest and the matter was adjourned for further consideration after a lengthy discussion by those present at the meeting. It was resolved to forward the report to the proper authorities and the members expressed satisfaction with the progress made during the year.

The proceedings were followed with considerable interest and the matter was adjourned for further consideration after a lengthy discussion by those present at the meeting. It was resolved to forward the report to the proper authorities and the members expressed satisfaction with the progress made during the year.

The proceedings were followed with considerable interest and the matter was adjourned for further consideration after a lengthy discussion by those present at the meeting. It was resolved to forward the report to the proper authorities and the members expressed satisfaction with the progress made during the year. The proceedings were followed with considerable interest and the matter was adjourned for further consideration after a lengthy discussion by those present at the meeting. It was resolved to forward the report to the proper authorities and the members expressed satisfaction with the progress made during the year.

The proceedings were followed with considerable interest and the matter was adjourned for further consideration after a lengthy discussion by those present at the meeting. It was resolved to forward the report to the proper authorities and the members expressed satisfaction with the progress made during the year.

HUTT AND PETONE NEWS.
POLITICAL ADDRESS.

The proceedings were followed with considerable interest and the matter was adjourned for further consideration after a lengthy discussion by those present at the meeting. It was resolved to forward the report to the proper authorities and the members expressed satisfaction with the progress made during the year. The proceedings were followed with considerable interest and the matter was adjourned for further consideration after a lengthy discussion by those present at the meeting. It was resolved to forward the report to the proper authorities and the members expressed satisfaction with the progress made during the year.

The proceedings were followed with considerable interest and the matter was adjourned for further consideration after a lengthy discussion by those present at the meeting. It was resolved to forward the report to the proper authorities and the members expressed satisfaction with the progress made during the year.

The proceedings were followed with considerable interest and the matter was adjourned for further consideration after a lengthy discussion by those present at the meeting. It was resolved to forward the report to the proper authorities and the members expressed satisfaction with the progress made during the year. The proceedings were followed with considerable interest and the matter was adjourned for further consideration after a lengthy discussion by those present at the meeting. It was resolved to forward the report to the proper authorities and the members expressed satisfaction with the progress made during the year.

NEW ZEALAND NEWS.
(BY TELEGRAPH—PRESS ASSOCIATION.)

The proceedings were followed with considerable interest and the matter was adjourned for further consideration after a lengthy discussion by those present at the meeting. It was resolved to forward the report to the proper authorities and the members expressed satisfaction with the progress made during the year.

The proceedings were followed with considerable interest and the matter was adjourned for further consideration after a lengthy discussion by those present at the meeting. It was resolved to forward the report to the proper authorities and the members expressed satisfaction with the progress made during the year. The proceedings were followed with considerable interest and the matter was adjourned for further consideration after a lengthy discussion by those present at the meeting. It was resolved to forward the report to the proper authorities and the members expressed satisfaction with the progress made during the year.

The proceedings were followed with considerable interest and the matter was adjourned for further consideration after a lengthy discussion by those present at the meeting. It was resolved to forward the report to the proper authorities and the members expressed satisfaction with the progress made during the year.

The proceedings were followed with considerable interest and the matter was adjourned for further consideration after a lengthy discussion by those present at the meeting. It was resolved to forward the report to the proper authorities and the members expressed satisfaction with the progress made during the year. The proceedings were followed with considerable interest and the matter was adjourned for further consideration after a lengthy discussion by those present at the meeting. It was resolved to forward the report to the proper authorities and the members expressed satisfaction with the progress made during the year.

The proceedings were followed with considerable interest and the matter was adjourned for further consideration after a lengthy discussion by those present at the meeting. It was resolved to forward the report to the proper authorities and the members expressed satisfaction with the progress made during the year.

HOSPITAL FEES.

The proceedings were followed with considerable interest and the matter was adjourned for further consideration after a lengthy discussion by those present at the meeting. It was resolved to forward the report to the proper authorities and the members expressed satisfaction with the progress made during the year.

The proceedings were followed with considerable interest and the matter was adjourned for further consideration after a lengthy discussion by those present at the meeting. It was resolved to forward the report to the proper authorities and the members expressed satisfaction with the progress made during the year. The proceedings were followed with considerable interest and the matter was adjourned for further consideration after a lengthy discussion by those present at the meeting. It was resolved to forward the report to the proper authorities and the members expressed satisfaction with the progress made during the year.

The proceedings were followed with considerable interest and the matter was adjourned for further consideration after a lengthy discussion by those present at the meeting. It was resolved to forward the report to the proper authorities and the members expressed satisfaction with the progress made during the year.

The proceedings were followed with considerable interest and the matter was adjourned for further consideration after a lengthy discussion by those present at the meeting. It was resolved to forward the report to the proper authorities and the members expressed satisfaction with the progress made during the year. The proceedings were followed with considerable interest and the matter was adjourned for further consideration after a lengthy discussion by those present at the meeting. It was resolved to forward the report to the proper authorities and the members expressed satisfaction with the progress made during the year.

DISCUSSION BY THE AUCKLAND BOARD.
Auckland, June 15.

The proceedings were followed with considerable interest and the matter was adjourned for further consideration after a lengthy discussion by those present at the meeting. It was resolved to forward the report to the proper authorities and the members expressed satisfaction with the progress made during the year.

The proceedings were followed with considerable interest and the matter was adjourned for further consideration after a lengthy discussion by those present at the meeting. It was resolved to forward the report to the proper authorities and the members expressed satisfaction with the progress made during the year. The proceedings were followed with considerable interest and the matter was adjourned for further consideration after a lengthy discussion by those present at the meeting. It was resolved to forward the report to the proper authorities and the members expressed satisfaction with the progress made during the year.

The proceedings were followed with considerable interest and the matter was adjourned for further consideration after a lengthy discussion by those present at the meeting. It was resolved to forward the report to the proper authorities and the members expressed satisfaction with the progress made during the year.

ARTHUR'S PASS TUNNEL.

The proceedings were followed with considerable interest and the matter was adjourned for further consideration after a lengthy discussion by those present at the meeting. It was resolved to forward the report to the proper authorities and the members expressed satisfaction with the progress made during the year.

The proceedings were followed with considerable interest and the matter was adjourned for further consideration after a lengthy discussion by those present at the meeting. It was resolved to forward the report to the proper authorities and the members expressed satisfaction with the progress made during the year. The proceedings were followed with considerable interest and the matter was adjourned for further consideration after a lengthy discussion by those present at the meeting. It was resolved to forward the report to the proper authorities and the members expressed satisfaction with the progress made during the year.

The proceedings were followed with considerable interest and the matter was adjourned for further consideration after a lengthy discussion by those present at the meeting. It was resolved to forward the report to the proper authorities and the members expressed satisfaction with the progress made during the year.

The proceedings were followed with considerable interest and the matter was adjourned for further consideration after a lengthy discussion by those present at the meeting. It was resolved to forward the report to the proper authorities and the members expressed satisfaction with the progress made during the year. The proceedings were followed with considerable interest and the matter was adjourned for further consideration after a lengthy discussion by those present at the meeting. It was resolved to forward the report to the proper authorities and the members expressed satisfaction with the progress made during the year.

The proceedings were followed with considerable interest and the matter was adjourned for further consideration after a lengthy discussion by those present at the meeting. It was resolved to forward the report to the proper authorities and the members expressed satisfaction with the progress made during the year.

The proceedings were followed with considerable interest and the matter was adjourned for further consideration after a lengthy discussion by those present at the meeting. It was resolved to forward the report to the proper authorities and the members expressed satisfaction with the progress made during the year. The proceedings were followed with considerable interest and the matter was adjourned for further consideration after a lengthy discussion by those present at the meeting. It was resolved to forward the report to the proper authorities and the members expressed satisfaction with the progress made during the year.

PROGRESS OF THE WORK.
Christchurch, June 15.

The proceedings were followed with considerable interest and the matter was adjourned for further consideration after a lengthy discussion by those present at the meeting. It was resolved to forward the report to the proper authorities and the members expressed satisfaction with the progress made during the year.

The proceedings were followed with considerable interest and the matter was adjourned for further consideration after a lengthy discussion by those present at the meeting. It was resolved to forward the report to the proper authorities and the members expressed satisfaction with the progress made during the year. The proceedings were followed with considerable interest and the matter was adjourned for further consideration after a lengthy discussion by those present at the meeting. It was resolved to forward the report to the proper authorities and the members expressed satisfaction with the progress made during the year.

The proceedings were followed with considerable interest and the matter was adjourned for further consideration after a lengthy discussion by those present at the meeting. It was resolved to forward the report to the proper authorities and the members expressed satisfaction with the progress made during the year.

The proceedings were followed with considerable interest and the matter was adjourned for further consideration after a lengthy discussion by those present at the meeting. It was resolved to forward the report to the proper authorities and the members expressed satisfaction with the progress made during the year. The proceedings were followed with considerable interest and the matter was adjourned for further consideration after a lengthy discussion by those present at the meeting. It was resolved to forward the report to the proper authorities and the members expressed satisfaction with the progress made during the year.

The proceedings were followed with considerable interest and the matter was adjourned for further consideration after a lengthy discussion by those present at the meeting. It was resolved to forward the report to the proper authorities and the members expressed satisfaction with the progress made during the year.

DENTAL EXAMINATIONS.
Dunedin, June 15.

The proceedings were followed with considerable interest and the matter was adjourned for further consideration after a lengthy discussion by those present at the meeting. It was resolved to forward the report to the proper authorities and the members expressed satisfaction with the progress made during the year.

The proceedings were followed with considerable interest and the matter was adjourned for further consideration after a lengthy discussion by those present at the meeting. It was resolved to forward the report to the proper authorities and the members expressed satisfaction with the progress made during the year. The proceedings were followed with considerable interest and the matter was adjourned for further consideration after a lengthy discussion by those present at the meeting. It was resolved to forward the report to the proper authorities and the members expressed satisfaction with the progress made during the year.

The proceedings were followed with considerable interest and the matter was adjourned for further consideration after a lengthy discussion by those present at the meeting. It was resolved to forward the report to the proper authorities and the members expressed satisfaction with the progress made during the year.

The proceedings were followed with considerable interest and the matter was adjourned for further consideration after a lengthy discussion by those present at the meeting. It was resolved to forward the report to the proper authorities and the members expressed satisfaction with the progress made during the year. The proceedings were followed with considerable interest and the matter was adjourned for further consideration after a lengthy discussion by those present at the meeting. It was resolved to forward the report to the proper authorities and the members expressed satisfaction with the progress made during the year.

THUNDERSTORM SHATTERS TELEGRAPH POLES.
Hokitika, June 15.

The proceedings were followed with considerable interest and the matter was adjourned for further consideration after a lengthy discussion by those present at the meeting. It was resolved to forward the report to the proper authorities and the members expressed satisfaction with the progress made during the year.

The proceedings were followed with considerable interest and the matter was adjourned for further consideration after a lengthy discussion by those present at the meeting. It was resolved to forward the report to the proper authorities and the members expressed satisfaction with the progress made during the year. The proceedings were followed with considerable interest and the matter was adjourned for further consideration after a lengthy discussion by those present at the meeting. It was resolved to forward the report to the proper authorities and the members expressed satisfaction with the progress made during the year.

The proceedings were followed with considerable interest and the matter was adjourned for further consideration after a lengthy discussion by those present at the meeting. It was resolved to forward the report to the proper authorities and the members expressed satisfaction with the progress made during the year.

WAIROA PROGRESS.
Wairoa, June 15.

The proceedings were followed with considerable interest and the matter was adjourned for further consideration after a lengthy discussion by those present at the meeting. It was resolved to forward the report to the proper authorities and the members expressed satisfaction with the progress made during the year.

The proceedings were followed with considerable interest and the matter was adjourned for further consideration after a lengthy discussion by those present at the meeting. It was resolved to forward the report to the proper authorities and the members expressed satisfaction with the progress made during the year. The proceedings were followed with considerable interest and the matter was adjourned for further consideration after a lengthy discussion by those present at the meeting. It was resolved to forward the report to the proper authorities and the members expressed satisfaction with the progress made during the year.

The proceedings were followed with considerable interest and the matter was adjourned for further consideration after a lengthy discussion by those present at the meeting. It was resolved to forward the report to the proper authorities and the members expressed satisfaction with the progress made during the year.

The proceedings were followed with considerable interest and the matter was adjourned for further consideration after a lengthy discussion by those present at the meeting. It was resolved to forward the report to the proper authorities and the members expressed satisfaction with the progress made during the year. The proceedings were followed with considerable interest and the matter was adjourned for further consideration after a lengthy discussion by those present at the meeting. It was resolved to forward the report to the proper authorities and the members expressed satisfaction with the progress made during the year.

The proceedings were followed with considerable interest and the matter was adjourned for further consideration after a lengthy discussion by those present at the meeting. It was resolved to forward the report to the proper authorities and the members expressed satisfaction with the progress made during the year.

The proceedings were followed with considerable interest and the matter was adjourned for further consideration after a lengthy discussion by those present at the meeting. It was resolved to forward the report to the proper authorities and the members expressed satisfaction with the progress made during the year. The proceedings were followed with considerable interest and the matter was adjourned for further consideration after a lengthy discussion by those present at the meeting. It was resolved to forward the report to the proper authorities and the members expressed satisfaction with the progress made during the year.

THE LOSS OF THE MURITAI.
Auckland, June 15.

The proceedings were followed with considerable interest and the matter was adjourned for further consideration after a lengthy discussion by those present at the meeting. It was resolved to forward the report to the proper authorities and the members expressed satisfaction with the progress made during the year.

The proceedings were followed with considerable interest and the matter was adjourned for further consideration after a lengthy discussion by those present at the meeting. It was resolved to forward the report to the proper authorities and the members expressed satisfaction with the progress made during the year. The proceedings were followed with considerable interest and the matter was adjourned for further consideration after a lengthy discussion by those present at the meeting. It was resolved to forward the report to the proper authorities and the members expressed satisfaction with the progress made during the year.

The proceedings were followed with considerable interest and the matter was adjourned for further consideration after a lengthy discussion by those present at the meeting. It was resolved to forward the report to the proper authorities and the members expressed satisfaction with the progress made during the year.

The proceedings were followed with considerable interest and the matter was adjourned for further consideration after a lengthy discussion by those present at the meeting. It was resolved to forward the report to the proper authorities and the members expressed satisfaction with the progress made during the year. The proceedings were followed with considerable interest and the matter was adjourned for further consideration after a lengthy discussion by those present at the meeting. It was resolved to forward the report to the proper authorities and the members expressed satisfaction with the progress made during the year.

The proceedings were followed with considerable interest and the matter was adjourned for further consideration after a lengthy discussion by those present at the meeting. It was resolved to forward the report to the proper authorities and the members expressed satisfaction with the progress made during the year.

DIVORCE CASES.
Auckland, June 15.

The proceedings were followed with considerable interest and the matter was adjourned for further consideration after a lengthy discussion by those present at the meeting. It was resolved to forward the report to the proper authorities and the members expressed satisfaction with the progress made during the year.

The proceedings were followed with considerable interest and the matter was adjourned for further consideration after a lengthy discussion by those present at the meeting. It was resolved to forward the report to the proper authorities and the members expressed satisfaction with the progress made during the year. The proceedings were followed with considerable interest and the matter was adjourned for further consideration after a lengthy discussion by those present at the meeting. It was resolved to forward the report to the proper authorities and the members expressed satisfaction with the progress made during the year.

The proceedings were followed with considerable interest and the matter was adjourned for further consideration after a lengthy discussion by those present at the meeting. It was resolved to forward the report to the proper authorities and the members expressed satisfaction with the progress made during the year.

The proceedings were followed with considerable interest and the matter was adjourned for further consideration after a lengthy discussion by those present at the meeting. It was resolved to forward the report to the proper authorities and the members expressed satisfaction with the progress made during the year. The proceedings were followed with considerable interest and the matter was adjourned for further consideration after a lengthy discussion by those present at the meeting. It was resolved to forward the report to the proper authorities and the members expressed satisfaction with the progress made during the year.

DANNEVIRKE BOROUGH AFFAIRS.
Dannevirke, June 15.

The proceedings were followed with considerable interest and the matter was adjourned for further consideration after a lengthy discussion by those present at the meeting. It was resolved to forward the report to the proper authorities and the members expressed satisfaction with the progress made during the year.

The proceedings were followed with considerable interest and the matter was adjourned for further consideration after a lengthy discussion by those present at the meeting. It was resolved to forward the report to the proper authorities and the members expressed satisfaction with the progress made during the year. The proceedings were followed with considerable interest and the matter was adjourned for further consideration after a lengthy discussion by those present at the meeting. It was resolved to forward the report to the proper authorities and the members expressed satisfaction with the progress made during the year.

The proceedings were followed with considerable interest and the matter was adjourned for further consideration after a lengthy discussion by those present at the meeting. It was resolved to forward the report to the proper authorities and the members expressed satisfaction with the progress made during the year.

CHARGE OF SAFE-ROBBERY.
Greymouth, June 15.

The proceedings were followed with considerable interest and the matter was adjourned for further consideration after a lengthy discussion by those present at the meeting. It was resolved to forward the report to the proper authorities and the members expressed satisfaction with the progress made during the year.

The proceedings were followed with considerable interest and the matter was adjourned for further consideration after a lengthy discussion by those present at the meeting. It was resolved to forward the report to the proper authorities and the members expressed satisfaction with the progress made during the year. The proceedings were followed with considerable interest and the matter was adjourned for further consideration after a lengthy discussion by those present at the meeting. It was resolved to forward the report to the proper authorities and the members expressed satisfaction with the progress made during the year.

The proceedings were followed with considerable interest and the matter was adjourned for further consideration after a lengthy discussion by those present at the meeting. It was resolved to forward the report to the proper authorities and the members expressed satisfaction with the progress made during the year.

The proceedings were followed with considerable interest and the matter was adjourned for further consideration after a lengthy discussion by those present at the meeting. It was resolved to forward the report to the proper authorities and the members expressed satisfaction with the progress made during the year. The proceedings were followed with considerable interest and the matter was adjourned for further consideration after a lengthy discussion by those present at the meeting. It was resolved to forward the report to the proper authorities and the members expressed satisfaction with the progress made during the year.

The proceedings were followed with considerable interest and the matter was adjourned for further consideration after a lengthy discussion by those present at the meeting. It was resolved to forward the report to the proper authorities and the members expressed satisfaction with the progress made during the year.

The proceedings were followed with considerable interest and the matter was adjourned for further consideration after a lengthy discussion by those present at the meeting. It was resolved to forward the report to the proper authorities and the members expressed satisfaction with the progress made during the year. The proceedings were followed with considerable interest and the matter was adjourned for further consideration after a lengthy discussion by those present at the meeting. It was resolved to forward the report to the proper authorities and the members expressed satisfaction with the progress made during the year.

CANTERBURY CRICKET.
Christchurch, June 15.

The proceedings were followed with considerable interest and the matter was adjourned for further consideration after a lengthy discussion by those present at the meeting. It was resolved to forward the report to the proper authorities and the members expressed satisfaction with the progress made during the year.

The proceedings were followed with considerable interest and the matter was adjourned for further consideration after a lengthy discussion by those present at the meeting. It was resolved to forward the report to the proper authorities and the members expressed satisfaction with the progress made during the year. The proceedings were followed with considerable interest and the matter was adjourned for further consideration after a lengthy discussion by those present at the meeting. It was resolved to forward the report to the proper authorities and the members expressed satisfaction with the progress made during the year.

The proceedings were followed with considerable interest and the matter was adjourned for further consideration after a lengthy discussion by those present at the meeting. It was resolved to forward the report to the proper authorities and the members expressed satisfaction with the progress made during the year.

The proceedings were followed with considerable interest and the matter was adjourned for further consideration after a lengthy discussion by those present at the meeting. It was resolved to forward the report to the proper authorities and the members expressed satisfaction with the progress made during the year. The proceedings were followed with considerable interest and the matter was adjourned for further consideration after a lengthy discussion by those present at the meeting. It was resolved to forward the report to the proper authorities and the members expressed satisfaction with the progress made during the year.

The proceedings were followed with considerable interest and the matter was adjourned for further consideration after a lengthy discussion by those present at the meeting. It was resolved to forward the report to the proper authorities and the members expressed satisfaction with the progress made during the year.

COLD WEATHER.
Dunedin, June 15.

The proceedings were followed with considerable interest and the matter was adjourned for further consideration after a lengthy discussion by those present at the meeting. It was resolved to forward the report to the proper authorities and the members expressed satisfaction with the progress made during the year.

The proceedings were followed with considerable interest and the matter was adjourned for further consideration after a lengthy discussion by those present at the meeting. It was resolved to forward the report to the proper authorities and the members expressed satisfaction with the progress made during the year. The proceedings were followed with considerable interest and the matter was adjourned for further consideration after a lengthy discussion by those present at the meeting. It was resolved to forward the report to the proper authorities and the members expressed satisfaction with the progress made during the year.

The proceedings were followed with considerable interest and the matter was adjourned for further consideration after a lengthy discussion by those present at the meeting. It was resolved to forward the report to
